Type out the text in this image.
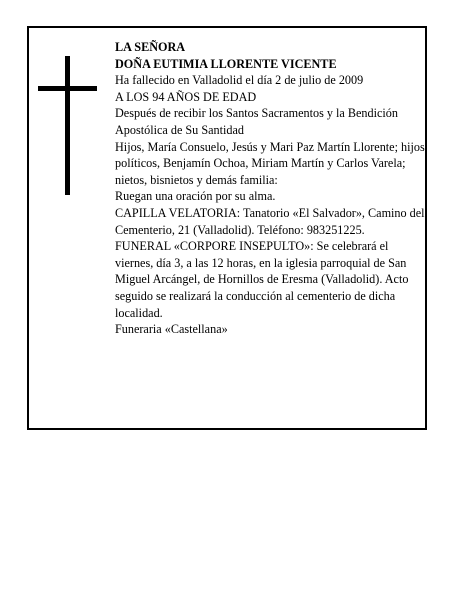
LA SEÑORA

DOÑA EUTIMIA LLORENTE VICENTE

Ha fallecido en Valladolid el día 2 de julio de 2009

A LOS 94 AÑOS DE EDAD

Después de recibir los Santos Sacramentos y la Bendición Apostólica de Su Santidad

Hijos, María Consuelo, Jesús y Mari Paz Martín Llorente; hijos políticos, Benjamín Ochoa, Miriam Martín y Carlos Varela; nietos, bisnietos y demás familia:

Ruegan una oración por su alma.

CAPILLA VELATORIA: Tanatorio «El Salvador», Camino del Cementerio, 21 (Valladolid). Teléfono: 983251225.

FUNERAL «CORPORE INSEPULTO»: Se celebrará el viernes, día 3, a las 12 horas, en la iglesia parroquial de San Miguel Arcángel, de Hornillos de Eresma (Valladolid). Acto seguido se realizará la conducción al cementerio de dicha localidad.

Funeraria «Castellana»
